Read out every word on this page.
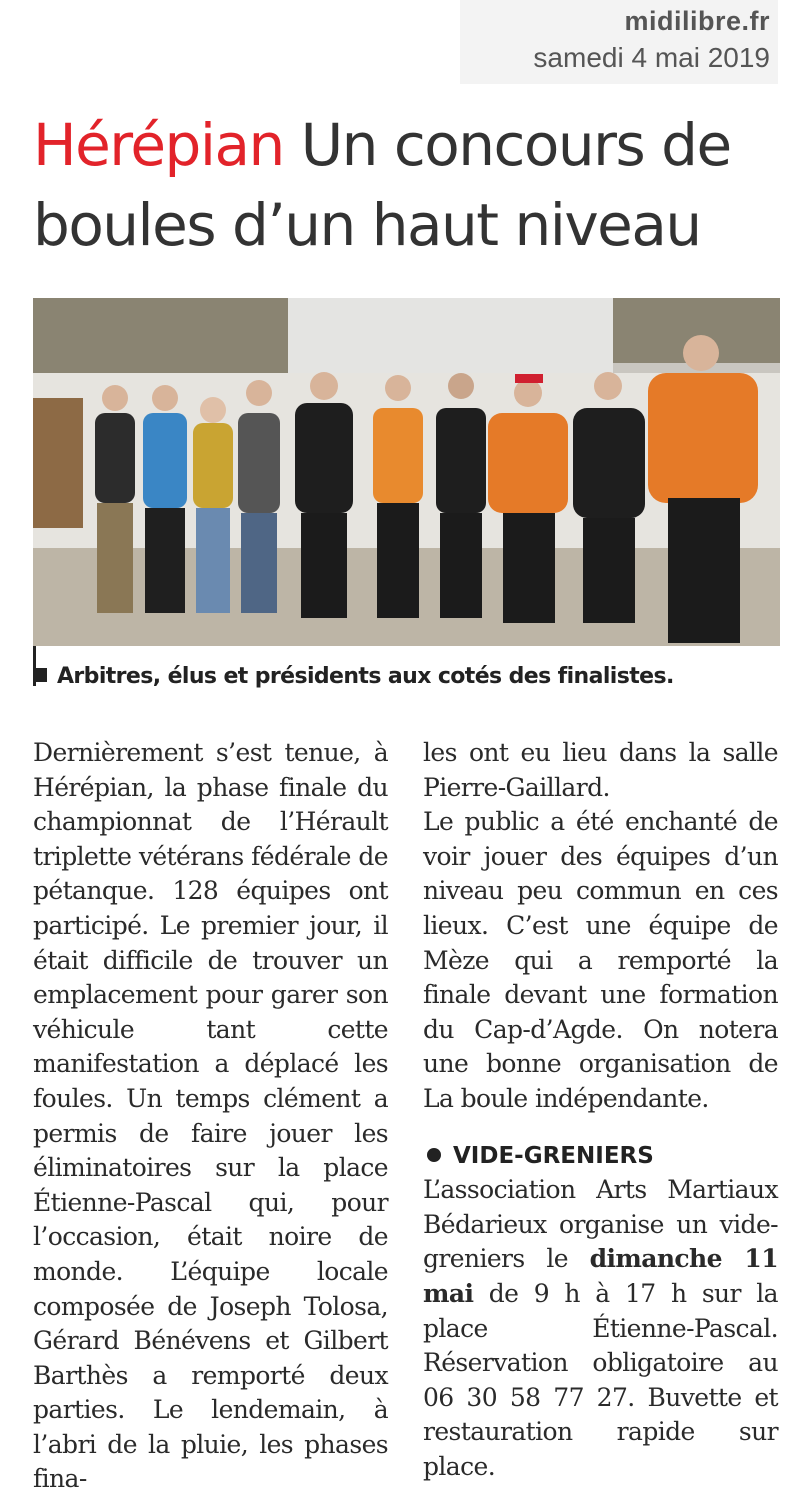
midilibre.fr
samedi 4 mai 2019
Hérépian Un concours de boules d’un haut niveau
Arbitres, élus et présidents aux cotés des finalistes.

Dernièrement s’est tenue, à Hérépian, la phase finale du championnat de l’Hérault triplette vétérans fédérale de pétanque. 128 équipes ont participé. Le premier jour, il était difficile de trouver un emplacement pour garer son véhicule tant cette manifestation a déplacé les foules. Un temps clément a permis de faire jouer les éliminatoires sur la place Étienne-Pascal qui, pour l’occasion, était noire de monde. L’équipe locale composée de Joseph Tolosa, Gérard Bénévens et Gilbert Barthès a remporté deux parties. Le lendemain, à l’abri de la pluie, les phases fina-

les ont eu lieu dans la salle Pierre-Gaillard.

Le public a été enchanté de voir jouer des équipes d’un niveau peu commun en ces lieux. C’est une équipe de Mèze qui a remporté la finale devant une formation du Cap-d’Agde. On notera une bonne organisation de La boule indépendante.

VIDE-GRENIERS

L’association Arts Martiaux Bédarieux organise un vide-greniers le dimanche 11 mai de 9 h à 17 h sur la place Étienne-Pascal. Réservation obligatoire au 06 30 58 77 27. Buvette et restauration rapide sur place.
